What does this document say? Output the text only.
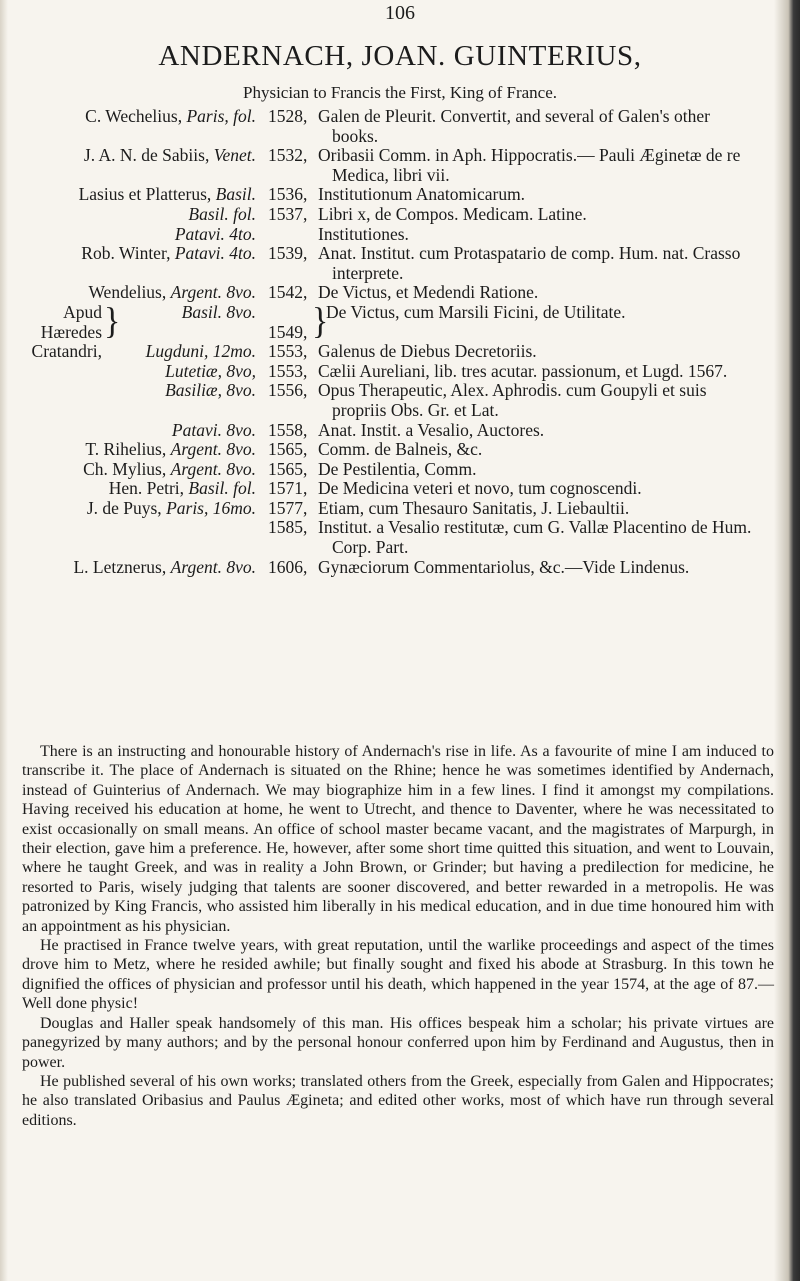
106
ANDERNACH, JOAN. GUINTERIUS,
Physician to Francis the First, King of France.
C. Wechelius, Paris, fol. 1528, Galen de Pleurit. Convertit, and several of Galen's other books.
J. A. N. de Sabiis, Venet. 1532, Oribasii Comm. in Aph. Hippocratis.— Pauli Æginetæ de re Medica, libri vii.
Lasius et Platterus, Basil. 1536, Institutionum Anatomicarum.
Basil. fol. 1537, Libri x, de Compos. Medicam. Latine.
Patavi. 4to.	Institutiones.
Rob. Winter, Patavi. 4to. 1539, Anat. Institut. cum Protaspatario de comp. Hum. nat. Crasso interprete.
Wendelius, Argent. 8vo. 1542, De Victus, et Medendi Ratione.
Apud Hæredes
Cratandri,
}	Basil. 8vo.
1549, }
De Victus, cum Marsili Ficini, de Utilitate.
Lugduni, 12mo. 1553, Galenus de Diebus Decretoriis.
Lutetiæ, 8vo, 1553, Cælii Aureliani, lib. tres acutar. passionum, et Lugd. 1567.
Basiliæ, 8vo. 1556, Opus Therapeutic, Alex. Aphrodis. cum Goupyli et suis propriis Obs. Gr. et Lat.
Patavi. 8vo. 1558, Anat. Instit. a Vesalio, Auctores.
T. Rihelius, Argent. 8vo. 1565, Comm. de Balneis, &c.
Ch. Mylius, Argent. 8vo. 1565, De Pestilentia, Comm.
Hen. Petri, Basil. fol. 1571, De Medicina veteri et novo, tum cognoscendi.
J. de Puys, Paris, 16mo. 1577, Etiam, cum Thesauro Sanitatis, J. Liebaultii.
1585, Institut. a Vesalio restitutæ, cum G. Vallæ Placentino de Hum. Corp. Part.
L. Letznerus, Argent. 8vo. 1606, Gynæciorum Commentariolus, &c.—Vide Lindenus.

There is an instructing and honourable history of Andernach's rise in life. As a favourite of mine I am induced to transcribe it. The place of Andernach is situated on the Rhine; hence he was sometimes identified by Andernach, instead of Guinterius of Andernach. We may biographize him in a few lines. I find it amongst my compilations. Having received his education at home, he went to Utrecht, and thence to Daventer, where he was necessitated to exist occasionally on small means. An office of school master became vacant, and the magistrates of Marpurgh, in their election, gave him a preference. He, however, after some short time quitted this situation, and went to Louvain, where he taught Greek, and was in reality a John Brown, or Grinder; but having a predilection for medicine, he resorted to Paris, wisely judging that talents are sooner discovered, and better rewarded in a metropolis. He was patronized by King Francis, who assisted him liberally in his medical education, and in due time honoured him with an appointment as his physician.

He practised in France twelve years, with great reputation, until the warlike proceedings and aspect of the times drove him to Metz, where he resided awhile; but finally sought and fixed his abode at Strasburg. In this town he dignified the offices of physician and professor until his death, which happened in the year 1574, at the age of 87.—Well done physic!

Douglas and Haller speak handsomely of this man. His offices bespeak him a scholar; his private virtues are panegyrized by many authors; and by the personal honour conferred upon him by Ferdinand and Augustus, then in power.

He published several of his own works; translated others from the Greek, especially from Galen and Hippocrates; he also translated Oribasius and Paulus Ægineta; and edited other works, most of which have run through several editions.
